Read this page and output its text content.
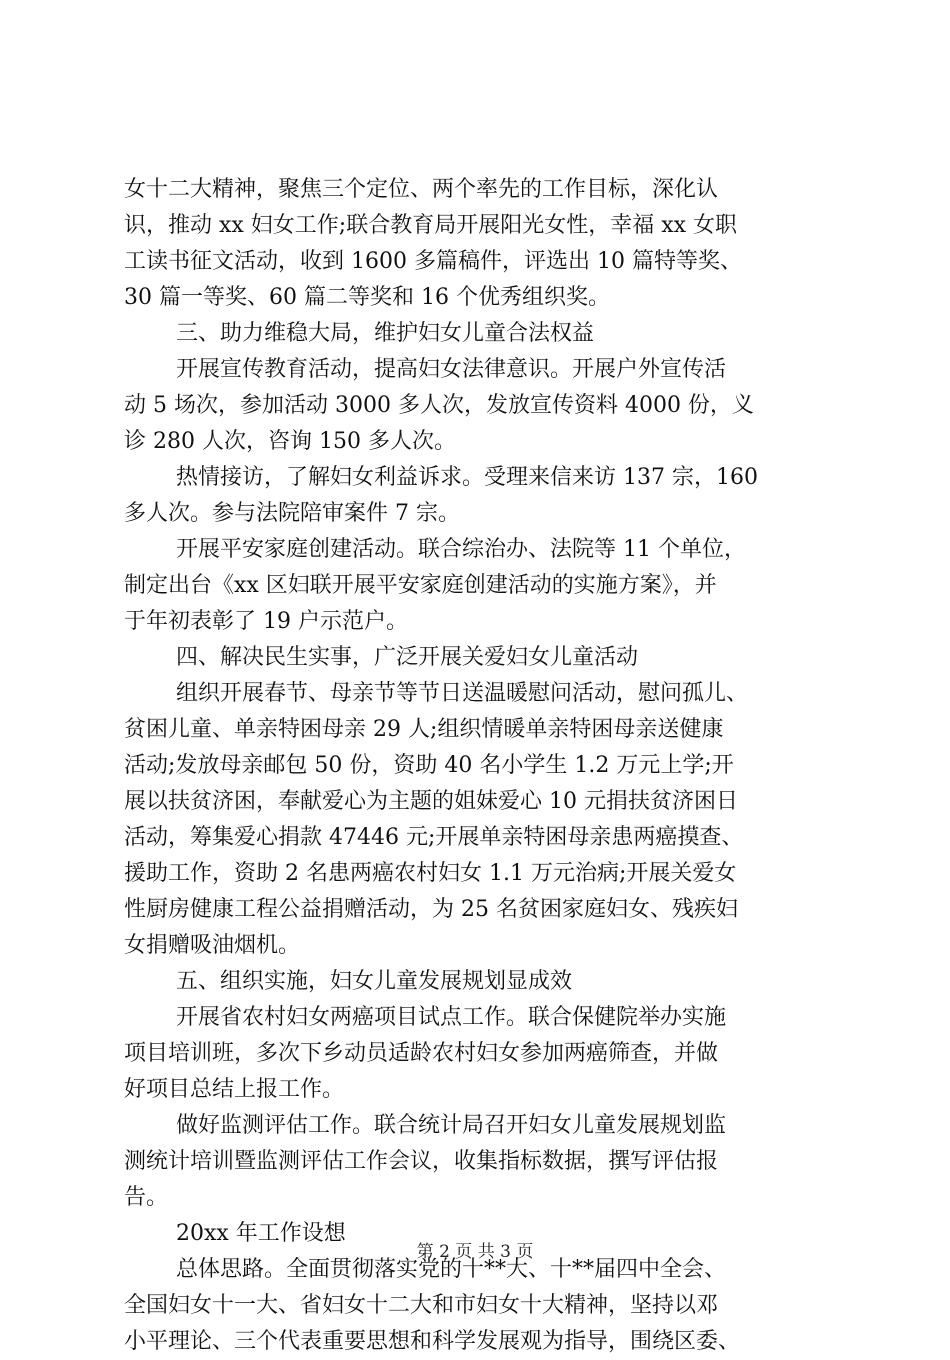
女十二大精神，聚焦三个定位、两个率先的工作目标，深化认
识，推动 xx 妇女工作;联合教育局开展阳光女性，幸福 xx 女职
工读书征文活动，收到 1600 多篇稿件，评选出 10 篇特等奖、
30 篇一等奖、60 篇二等奖和 16 个优秀组织奖。
三、助力维稳大局，维护妇女儿童合法权益
开展宣传教育活动，提高妇女法律意识。开展户外宣传活
动 5 场次，参加活动 3000 多人次，发放宣传资料 4000 份，义
诊 280 人次，咨询 150 多人次。
热情接访，了解妇女利益诉求。受理来信来访 137 宗，160
多人次。参与法院陪审案件 7 宗。
开展平安家庭创建活动。联合综治办、法院等 11 个单位，
制定出台《xx 区妇联开展平安家庭创建活动的实施方案》，并
于年初表彰了 19 户示范户。
四、解决民生实事，广泛开展关爱妇女儿童活动
组织开展春节、母亲节等节日送温暖慰问活动，慰问孤儿、
贫困儿童、单亲特困母亲 29 人;组织情暖单亲特困母亲送健康
活动;发放母亲邮包 50 份，资助 40 名小学生 1.2 万元上学;开
展以扶贫济困，奉献爱心为主题的姐妹爱心 10 元捐扶贫济困日
活动，筹集爱心捐款 47446 元;开展单亲特困母亲患两癌摸查、
援助工作，资助 2 名患两癌农村妇女 1.1 万元治病;开展关爱女
性厨房健康工程公益捐赠活动，为 25 名贫困家庭妇女、残疾妇
女捐赠吸油烟机。
五、组织实施，妇女儿童发展规划显成效
开展省农村妇女两癌项目试点工作。联合保健院举办实施
项目培训班，多次下乡动员适龄农村妇女参加两癌筛查，并做
好项目总结上报工作。
做好监测评估工作。联合统计局召开妇女儿童发展规划监
测统计培训暨监测评估工作会议，收集指标数据，撰写评估报
告。
20xx 年工作设想
总体思路。全面贯彻落实党的十**大、十**届四中全会、
全国妇女十一大、省妇女十二大和市妇女十大精神，坚持以邓
小平理论、三个代表重要思想和科学发展观为指导，围绕区委、
第 2 页 共 3 页
